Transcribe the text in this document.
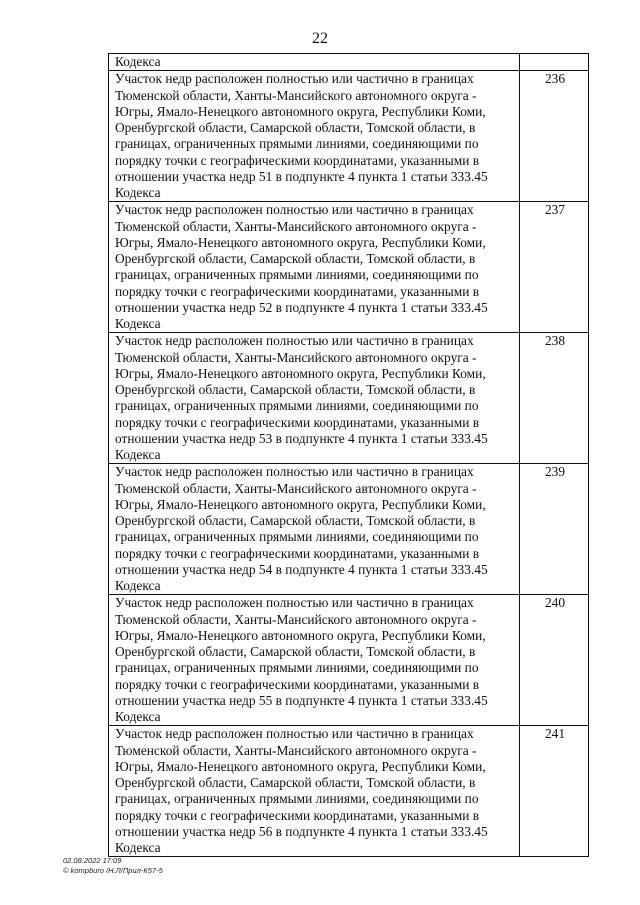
22
Кодекса	
Участок недр расположен полностью или частично в границах Тюменской области, Ханты-Мансийского автономного округа - Югры, Ямало-Ненецкого автономного округа, Республики Коми, Оренбургской области, Самарской области, Томской области, в границах, ограниченных прямыми линиями, соединяющими по порядку точки с географическими координатами, указанными в отношении участка недр 51 в подпункте 4 пункта 1 статьи 333.45 Кодекса	236
Участок недр расположен полностью или частично в границах Тюменской области, Ханты-Мансийского автономного округа - Югры, Ямало-Ненецкого автономного округа, Республики Коми, Оренбургской области, Самарской области, Томской области, в границах, ограниченных прямыми линиями, соединяющими по порядку точки с географическими координатами, указанными в отношении участка недр 52 в подпункте 4 пункта 1 статьи 333.45 Кодекса	237
Участок недр расположен полностью или частично в границах Тюменской области, Ханты-Мансийского автономного округа - Югры, Ямало-Ненецкого автономного округа, Республики Коми, Оренбургской области, Самарской области, Томской области, в границах, ограниченных прямыми линиями, соединяющими по порядку точки с географическими координатами, указанными в отношении участка недр 53 в подпункте 4 пункта 1 статьи 333.45 Кодекса	238
Участок недр расположен полностью или частично в границах Тюменской области, Ханты-Мансийского автономного округа - Югры, Ямало-Ненецкого автономного округа, Республики Коми, Оренбургской области, Самарской области, Томской области, в границах, ограниченных прямыми линиями, соединяющими по порядку точки с географическими координатами, указанными в отношении участка недр 54 в подпункте 4 пункта 1 статьи 333.45 Кодекса	239
Участок недр расположен полностью или частично в границах Тюменской области, Ханты-Мансийского автономного округа - Югры, Ямало-Ненецкого автономного округа, Республики Коми, Оренбургской области, Самарской области, Томской области, в границах, ограниченных прямыми линиями, соединяющими по порядку точки с географическими координатами, указанными в отношении участка недр 55 в подпункте 4 пункта 1 статьи 333.45 Кодекса	240
Участок недр расположен полностью или частично в границах Тюменской области, Ханты-Мансийского автономного округа - Югры, Ямало-Ненецкого автономного округа, Республики Коми, Оренбургской области, Самарской области, Томской области, в границах, ограниченных прямыми линиями, соединяющими по порядку точки с географическими координатами, указанными в отношении участка недр 56 в подпункте 4 пункта 1 статьи 333.45 Кодекса	241
02.08.2022 17:09
© kompburo /Н.Л/Прил-К57-5
